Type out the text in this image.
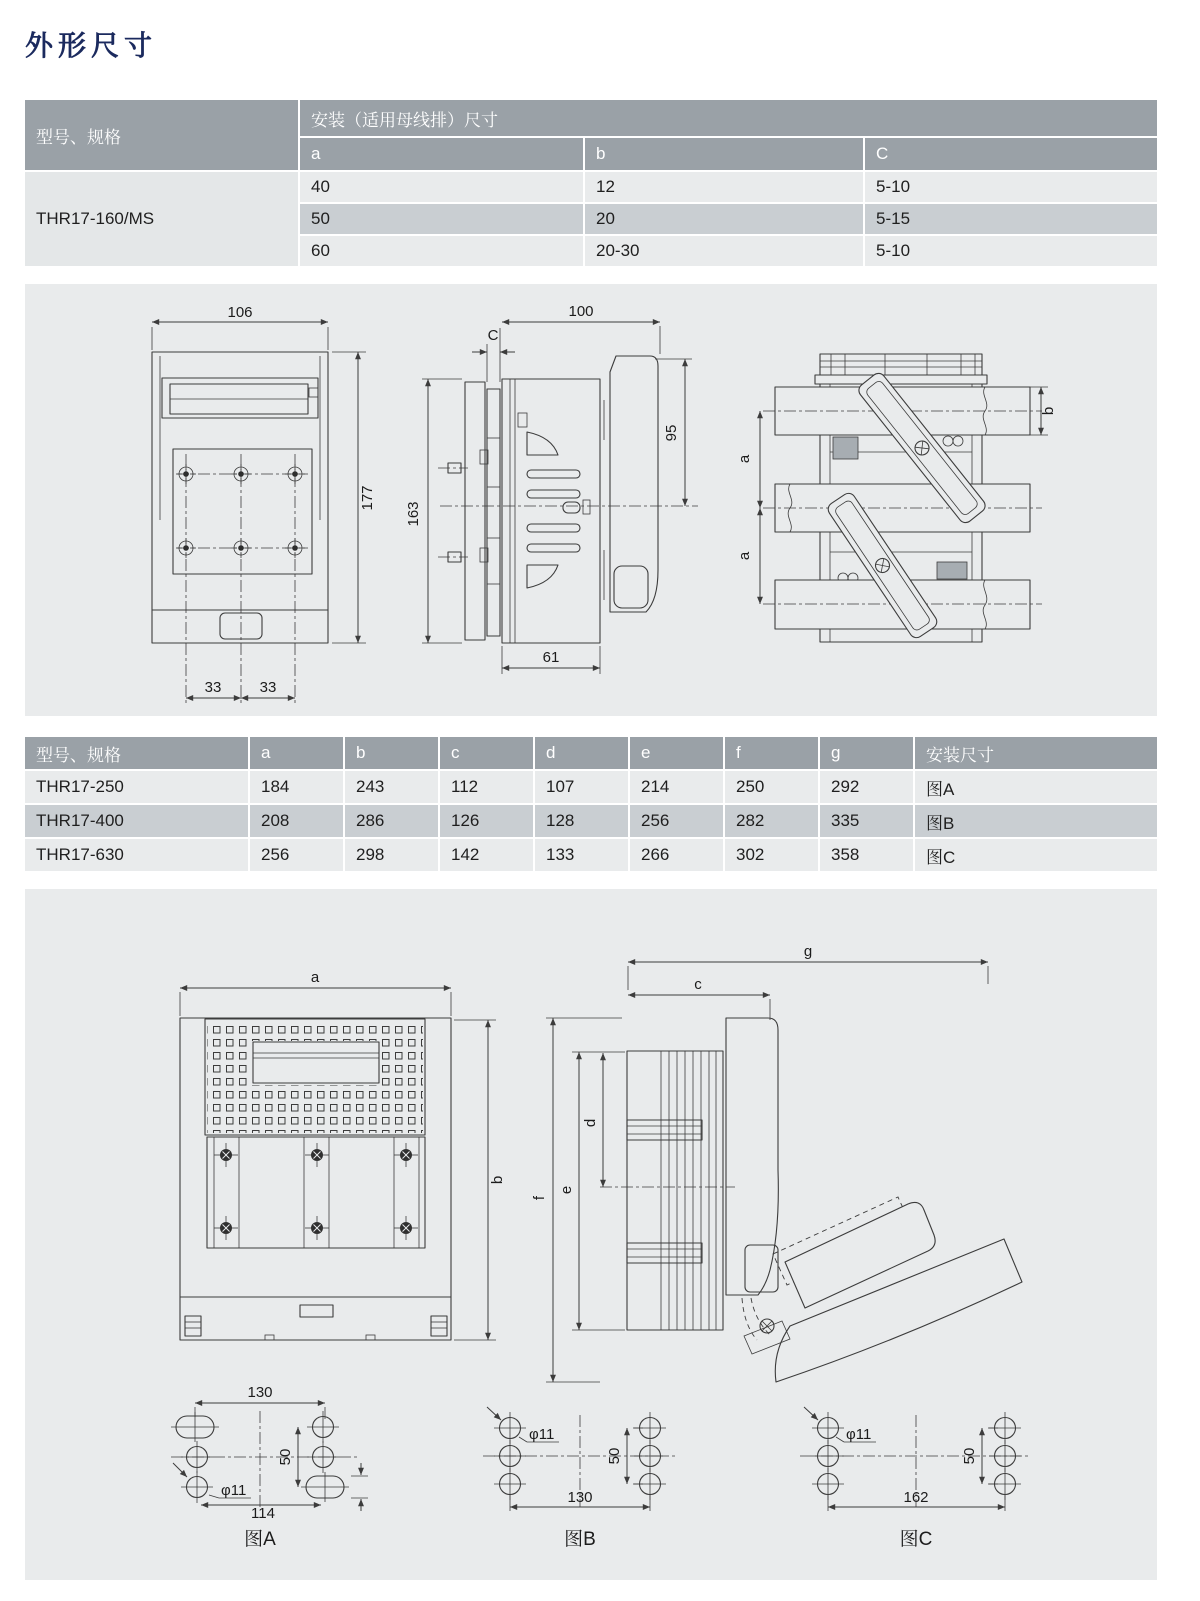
外形尺寸
型号、规格
安装（适用母线排）尺寸
a	b	C
THR17-160/MS
40	12	5-10
50	20	5-15
60	20-30	5-10
106
177
33	33
100
C
163
95
61
b
a
a
型号、规格	a	b	c	d	e	f	g	安装尺寸
THR17-250	184	243	112	107	214	250	292	图A
THR17-400	208	286	126	128	256	282	335	图B
THR17-630	256	298	142	133	266	302	358	图C
a
b
g
c
f
e
d
130
φ11
50
114
图A
φ11
50
130
图B
φ11
50
162
图C
